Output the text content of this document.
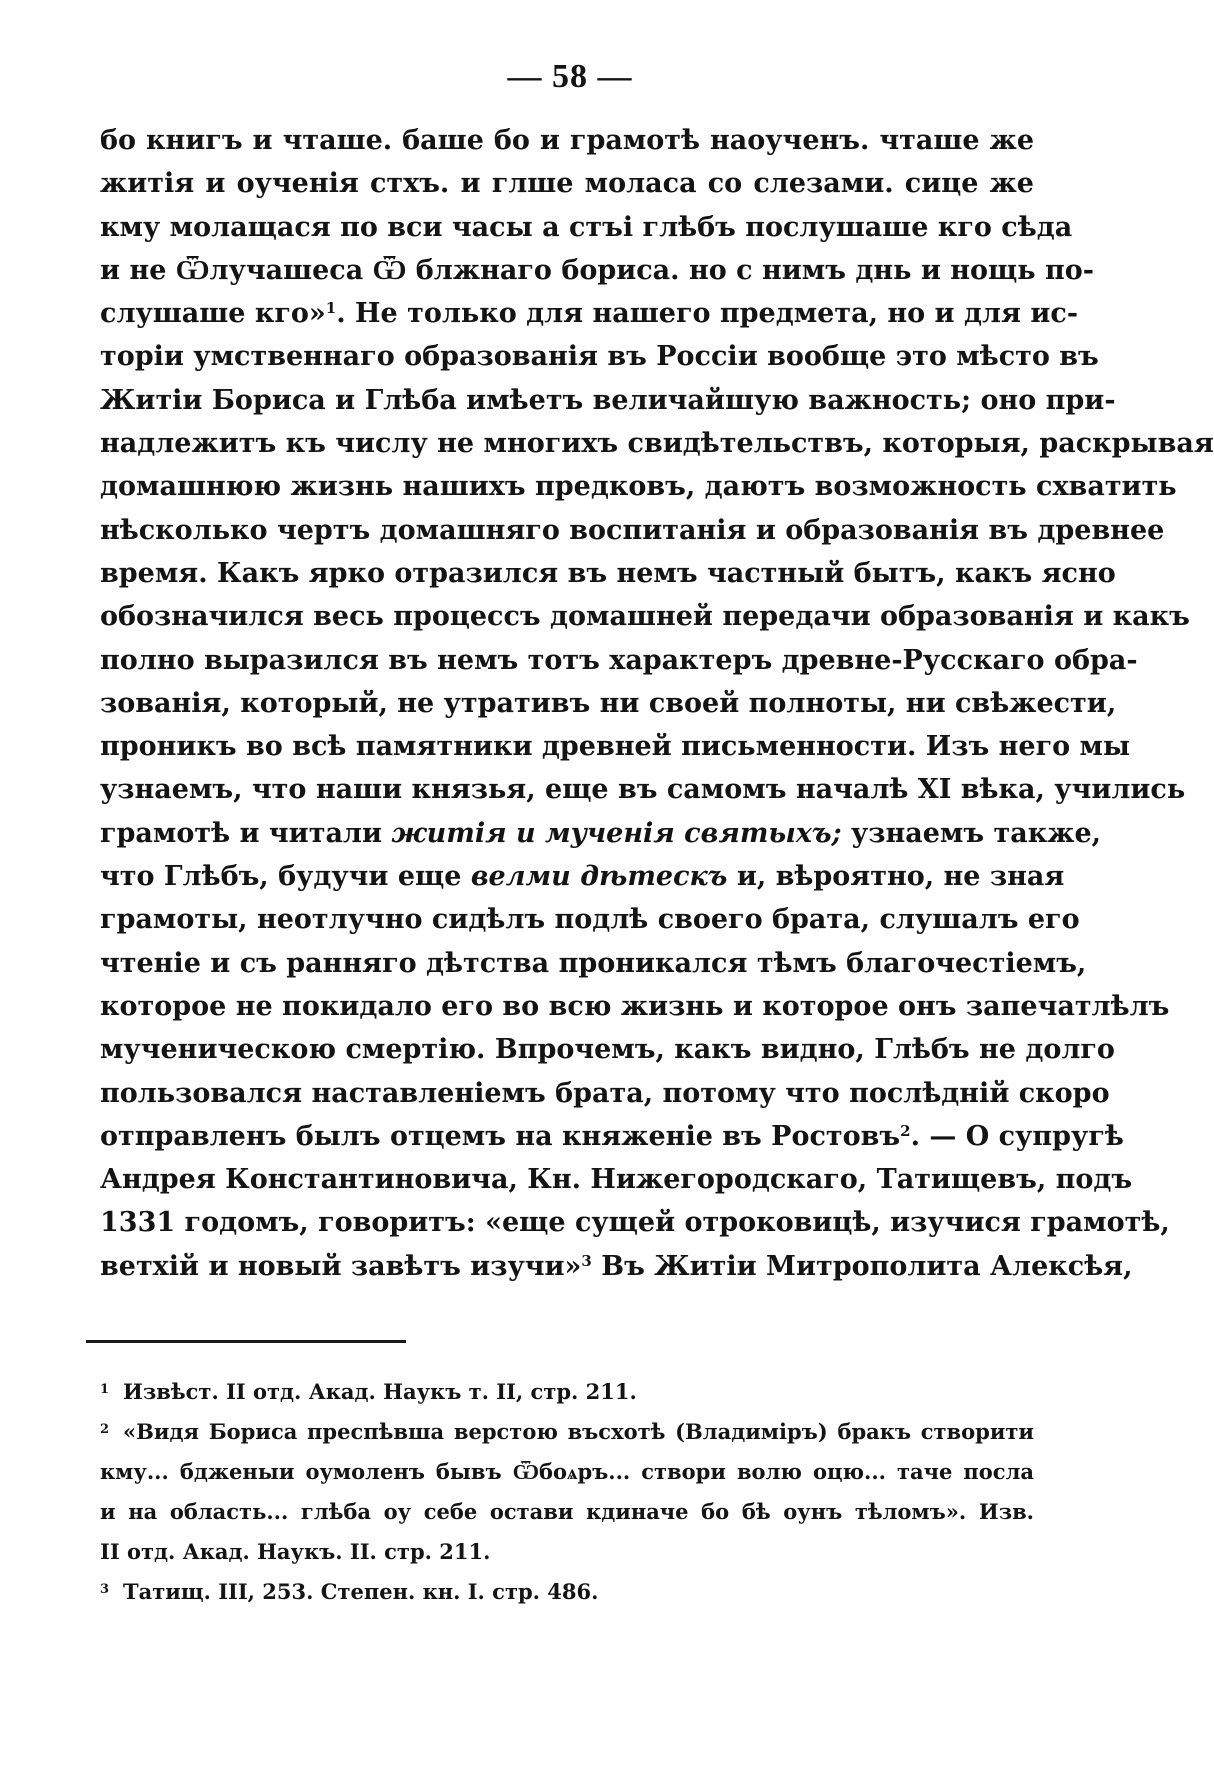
— 58 —
бо книгъ и чташе. баше бо и грамотѣ наоученъ. чташе же
житія и оученія стхъ. и глше моласа со слезами. сице же
кму молащася по вси часы а стъі глѣбъ послушаше кго сѣда
и не Ѿлучашеса Ѿ блжнаго бориса. но с нимъ днь и нощь по-
слушаше кго»$^1$. Не только для нашего предмета, но и для ис-
торіи умственнаго образованія въ Россіи вообще это мѣсто въ
Житіи Бориса и Глѣба имѣетъ величайшую важность; оно при-
надлежитъ къ числу не многихъ свидѣтельствъ, которыя, раскрывая
домашнюю жизнь нашихъ предковъ, даютъ возможность схватить
нѣсколько чертъ домашняго воспитанія и образованія въ древнее
время. Какъ ярко отразился въ немъ частный бытъ, какъ ясно
обозначился весь процессъ домашней передачи образованія и какъ
полно выразился въ немъ тотъ характеръ древне-Русскаго обра-
зованія, который, не утративъ ни своей полноты, ни свѣжести,
проникъ во всѣ памятники древней письменности. Изъ него мы
узнаемъ, что наши князья, еще въ самомъ началѣ XI вѣка, учились
грамотѣ и читали житія и мученія святыхъ; узнаемъ также,
что Глѣбъ, будучи еще велми дѣтескъ и, вѣроятно, не зная
грамоты, неотлучно сидѣлъ подлѣ своего брата, слушалъ его
чтеніе и съ ранняго дѣтства проникался тѣмъ благочестіемъ,
которое не покидало его во всю жизнь и которое онъ запечатлѣлъ
мученическою смертію. Впрочемъ, какъ видно, Глѣбъ не долго
пользовался наставленіемъ брата, потому что послѣдній скоро
отправленъ былъ отцемъ на княженіе въ Ростовъ$^2$. — О супругѣ
Андрея Константиновича, Кн. Нижегородскаго, Татищевъ, подъ
1331 годомъ, говоритъ: «еще сущей отроковицѣ, изучися грамотѣ,
ветхій и новый завѣтъ изучи»$^3$ Въ Житіи Митрополита Алексѣя,
$^1$ Извѣст. II отд. Акад. Наукъ т. II, стр. 211.
$^2$ «Видя Бориса преспѣвша верстою въсхотѣ (Владиміръ) бракъ створити
кму... бдженыи оумоленъ бывъ Ѿбоѧръ... створи волю оцю... таче посла
и на область... глѣба оу себе остави кдиначе бо бѣ оунъ тѣломъ». Изв.
II отд. Акад. Наукъ. II. стр. 211.
$^3$ Татищ. III, 253. Степен. кн. I. стр. 486.
